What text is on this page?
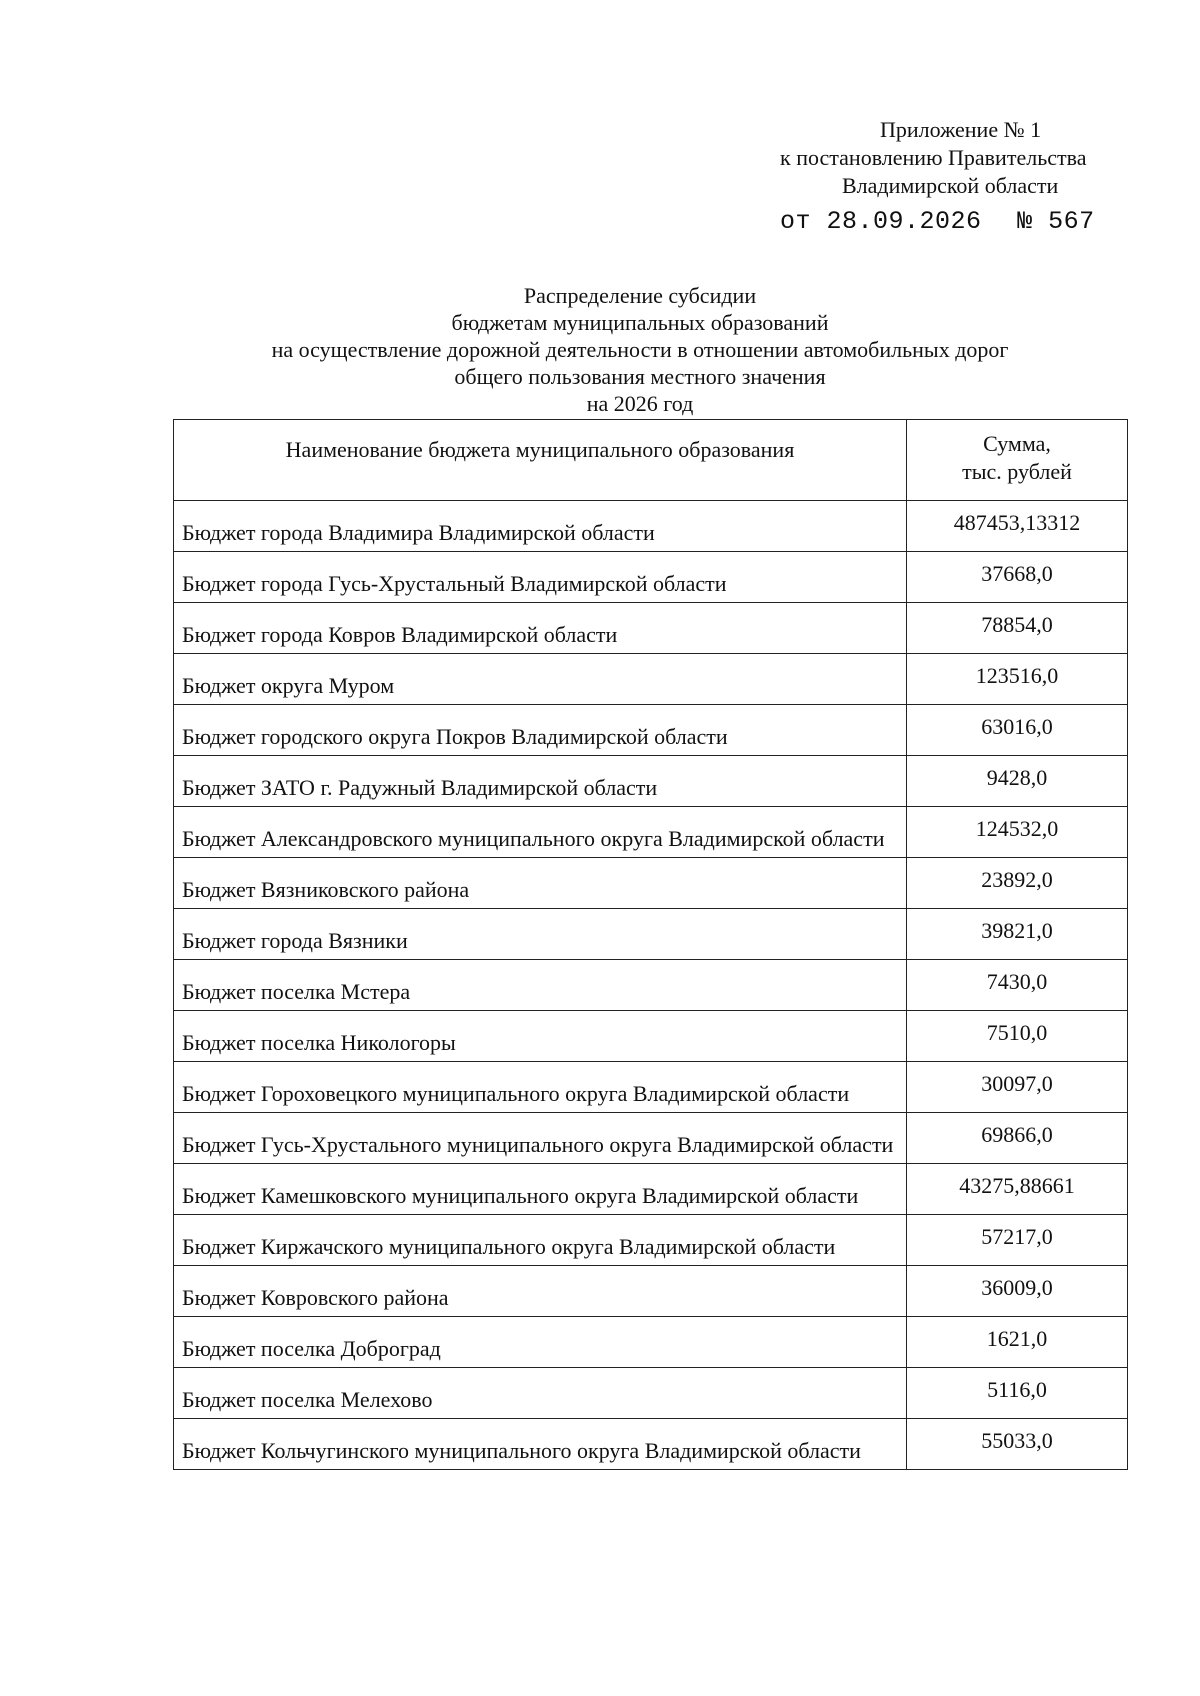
Приложение № 1
к постановлению Правительства
Владимирской области
от 28.09.2026 № 567
Распределение субсидии
бюджетам муниципальных образований
на осуществление дорожной деятельности в отношении автомобильных дорог
общего пользования местного значения
на 2026 год
Наименование бюджета муниципального образования	Сумма,
тыс. рублей

Бюджет города Владимира Владимирской области	487453,13312
Бюджет города Гусь-Хрустальный Владимирской области	37668,0
Бюджет города Ковров Владимирской области	78854,0
Бюджет округа Муром	123516,0
Бюджет городского округа Покров Владимирской области	63016,0
Бюджет ЗАТО г. Радужный Владимирской области	9428,0
Бюджет Александровского муниципального округа Владимирской области	124532,0
Бюджет Вязниковского района	23892,0
Бюджет города Вязники	39821,0
Бюджет поселка Мстера	7430,0
Бюджет поселка Никологоры	7510,0
Бюджет Гороховецкого муниципального округа Владимирской области	30097,0
Бюджет Гусь-Хрустального муниципального округа Владимирской области	69866,0
Бюджет Камешковского муниципального округа Владимирской области	43275,88661
Бюджет Киржачского муниципального округа Владимирской области	57217,0
Бюджет Ковровского района	36009,0
Бюджет поселка Доброград	1621,0
Бюджет поселка Мелехово	5116,0
Бюджет Кольчугинского муниципального округа Владимирской области	55033,0
